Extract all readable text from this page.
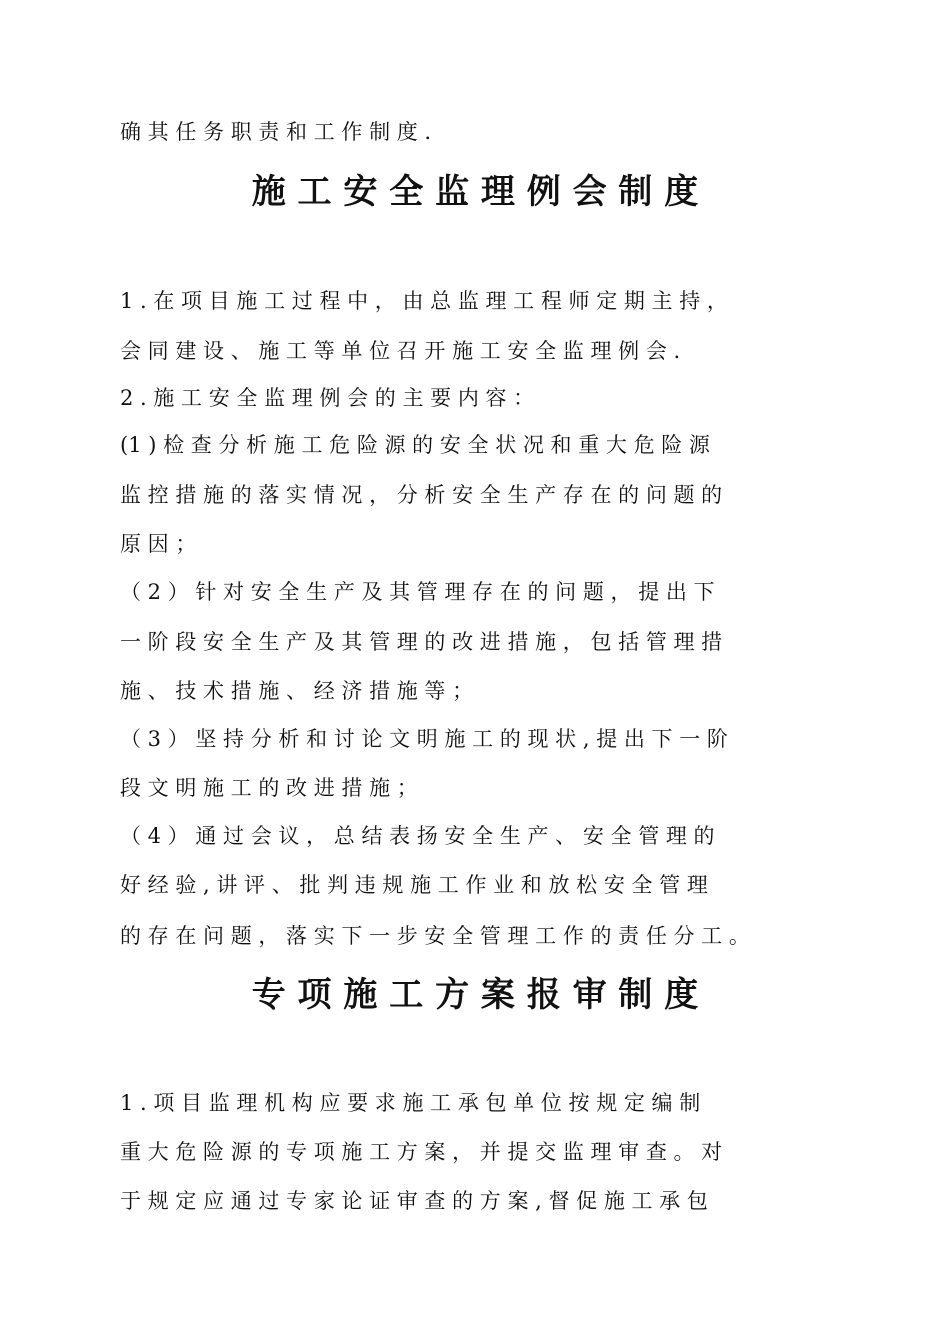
确 其 任 务 职 责 和 工 作 制 度 .
施 工 安 全 监 理 例 会 制 度
1 . 在 项 目 施 工 过 程 中 ， 由 总 监 理 工 程 师 定 期 主 持 ，
会 同 建 设 、 施 工 等 单 位 召 开 施 工 安 全 监 理 例 会 .
2 . 施 工 安 全 监 理 例 会 的 主 要 内 容 ：
(1 ) 检 查 分 析 施 工 危 险 源 的 安 全 状 况 和 重 大 危 险 源
监 控 措 施 的 落 实 情 况 ， 分 析 安 全 生 产 存 在 的 问 题 的
原 因 ；
（ 2 ） 针 对 安 全 生 产 及 其 管 理 存 在 的 问 题 ， 提 出 下
一 阶 段 安 全 生 产 及 其 管 理 的 改 进 措 施 ， 包 括 管 理 措
施 、 技 术 措 施 、 经 济 措 施 等 ；
（ 3 ） 坚 持 分 析 和 讨 论 文 明 施 工 的 现 状 , 提 出 下 一 阶
段 文 明 施 工 的 改 进 措 施 ；
（ 4 ） 通 过 会 议 ， 总 结 表 扬 安 全 生 产 、 安 全 管 理 的
好 经 验 , 讲 评 、 批 判 违 规 施 工 作 业 和 放 松 安 全 管 理
的 存 在 问 题 ， 落 实 下 一 步 安 全 管 理 工 作 的 责 任 分 工 。
专 项 施 工 方 案 报 审 制 度
1 . 项 目 监 理 机 构 应 要 求 施 工 承 包 单 位 按 规 定 编 制
重 大 危 险 源 的 专 项 施 工 方 案 ， 并 提 交 监 理 审 查 。 对
于 规 定 应 通 过 专 家 论 证 审 查 的 方 案 , 督 促 施 工 承 包
